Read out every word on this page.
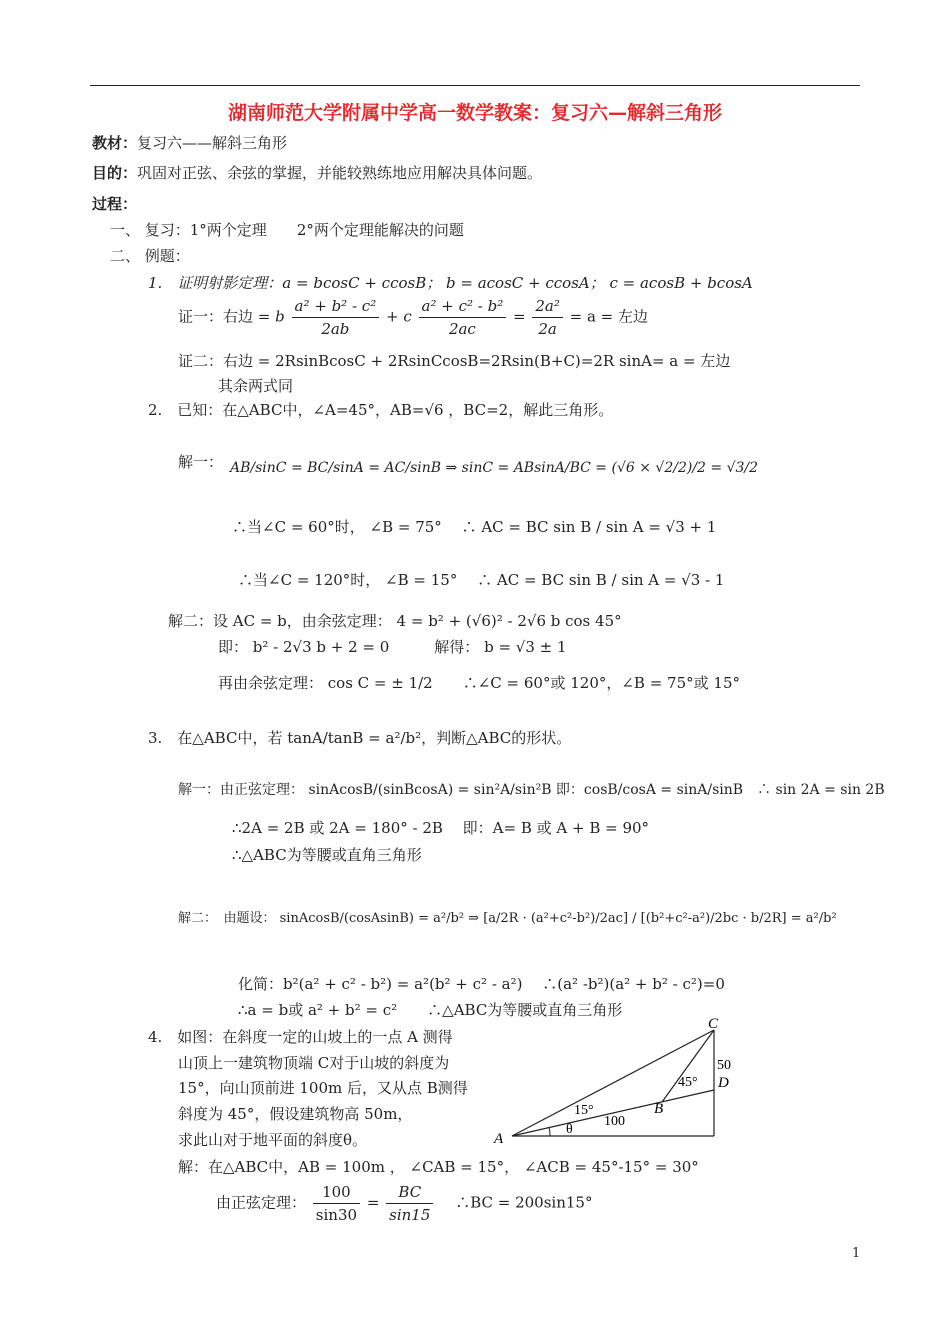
湖南师范大学附属中学高一数学教案：复习六—解斜三角形
教材：复习六——解斜三角形
目的：巩固对正弦、余弦的掌握，并能较熟练地应用解决具体问题。
过程：
一、 复习：1°两个定理　　2°两个定理能解决的问题
二、 例题：
1.　证明射影定理：a = bcosC + ccosB； b = acosC + ccosA； c = acosB + bcosA
证一：右边 = b $\frac{\text{a² + b² - c²}}{2ab} + c \frac{\text{a² + c² - b²}}{2ac} = \frac{\text{2a²}}{2a} = a$ = 左边
证二：右边 = 2RsinBcosC + 2RsinCcosB=2Rsin(B+C)=2R sinA= a = 左边
其余两式同
2.　已知：在△ABC中，∠A=45°，AB=√6 ，BC=2，解此三角形。
解一： AB/sinC = BC/sinA = AC/sinB ⇒ sinC = ABsinA/BC = (√6 × √2/2)/2 = √3/2
∴当∠C = 60°时， ∠B = 75°　 ∴ AC = BC sin B / sin A = √3 + 1
∴当∠C = 120°时， ∠B = 15°　 ∴ AC = BC sin B / sin A = √3 - 1
解二：设 AC = b，由余弦定理： 4 = b² + (√6)² - 2√6 b cos 45°
即： b² - 2√3 b + 2 = 0　　　解得： b = √3 ± 1
再由余弦定理： cos C = ± 1/2　　∴∠C = 60°或 120°，∠B = 75°或 15°
3.　在△ABC中，若 tanA/tanB = a²/b²，判断△ABC的形状。
解一：由正弦定理： sinAcosB/(sinBcosA) = sin²A/sin²B 即：cosB/cosA = sinA/sinB　∴ sin 2A = sin 2B
∴2A = 2B 或 2A = 180° - 2B　 即：A= B 或 A + B = 90°
∴△ABC为等腰或直角三角形
解二：　由题设： sinAcosB/(cosAsinB) = a²/b² ⇒ [a/2R · (a²+c²-b²)/2ac] / [(b²+c²-a²)/2bc · b/2R] = a²/b²
化简：b²(a² + c² - b²) = a²(b² + c² - a²)　 ∴(a² -b²)(a² + b² - c²)=0
∴a = b或 a² + b² = c²　　∴△ABC为等腰或直角三角形
4.　如图：在斜度一定的山坡上的一点 A 测得
山顶上一建筑物顶端 C对于山坡的斜度为
15°，向山顶前进 100m 后，又从点 B测得
斜度为 45°，假设建筑物高 50m，
求此山对于地平面的斜度θ。
解：在△ABC中，AB = 100m ， ∠CAB = 15°， ∠ACB = 45°-15° = 30°
由正弦定理： $\frac{100}{\sin 30} = \frac{BC}{\sin 15}$
　 ∴BC = 200sin15°
C
D
A
B
50
45°
15°
θ
100
1
